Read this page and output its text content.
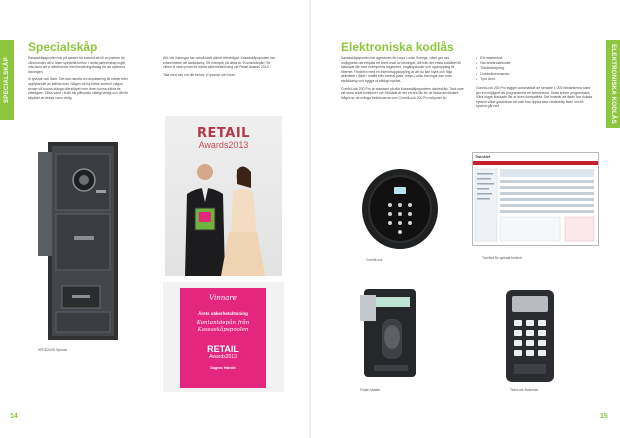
SPECIALSKÅP
Specialskåp

Kassaskåpspoolen har på senare tid kommit att bli en partner för våra kunder då vi löser speciella behov. I detta partnerskap ingår ofta även att vi distribuerar med försäkringsbolag för att optimera lösningen.

Vi lyssnar och löser. Det kan handla om anpassning till rutiner eller uppfyllandet av ställda krav. Någon vill ha bättre kontroll, någon annan vill kunna stänga dörrskåpet men även kunna säkra de ytterligare. Olika varor i butik blir påtryckta väldigt viktigt och då blir skyddet av dessa varor viktig.

Allt i ett lösningar har också blivit allmer efterfrågat. Kassaskåpspoolen har erfarenheten att skräddarsy. Ett exempel på detta är "Komantdepån" för vilken vi vann priset för bästa säkerhetslösning vid Retail Awards 2013.

Tala med oss om ditt behov, vi lyssnar och löser.

KPDE24XD Special
RETAIL
Awards2013
Vinnare
Årets säkerhetslösning
Kontantdepån från Kassaskåpspoolen
RETAIL
Awards2013
Dagens Handel
14
ELEKTRONISKA KODLÅS
Elektroniska kodlås

Kassaskåpspoolen har agenturen för Insys Locks Sverige, vilket ger oss möjligheten att erbjuda ett brett urval av lösningar. Allt från det enkla kodlåset till klassade lås med exempelvis fingerprint, engångskoder och uppkoppling till internet. Fördelen med en internetuppkoppling är att du kan styra och följa aktiviteter i låset i realtid från central plats. Insys-Locks lösningar kan man skräddarsy och bygga ut väldigt mycket.

CombiLock 200 Pro är standard på alla Kassaskåpspoolens värdeskåp. Tack vare sitt stora antal funktioner och förkläde är det ett bra lås för de flesta användare. Några av de många funktionerna som CombiLock 200 Pro erbjuder är:

• Ett masterkod.
• Nio användarkoder.
• Tidsfördröjning.
• Dubbelkommando.
• Tyst larm.

CombiLock 200 Pro bygger automatiskt de senaste 1 000 händelserna samt ger en möjlighet att programmera ett tidsschema. Detta kräver programvara. Våra högre klassade lås är även kompatibla. Det innebär att låsen har dubbla system vilket garanterar att man kan öppna sina värdeskåp även om ett system går ned.

CombiLock
TwinNet
TwinNet för optimal kontroll
Finder Master	TwinLock Business
15
